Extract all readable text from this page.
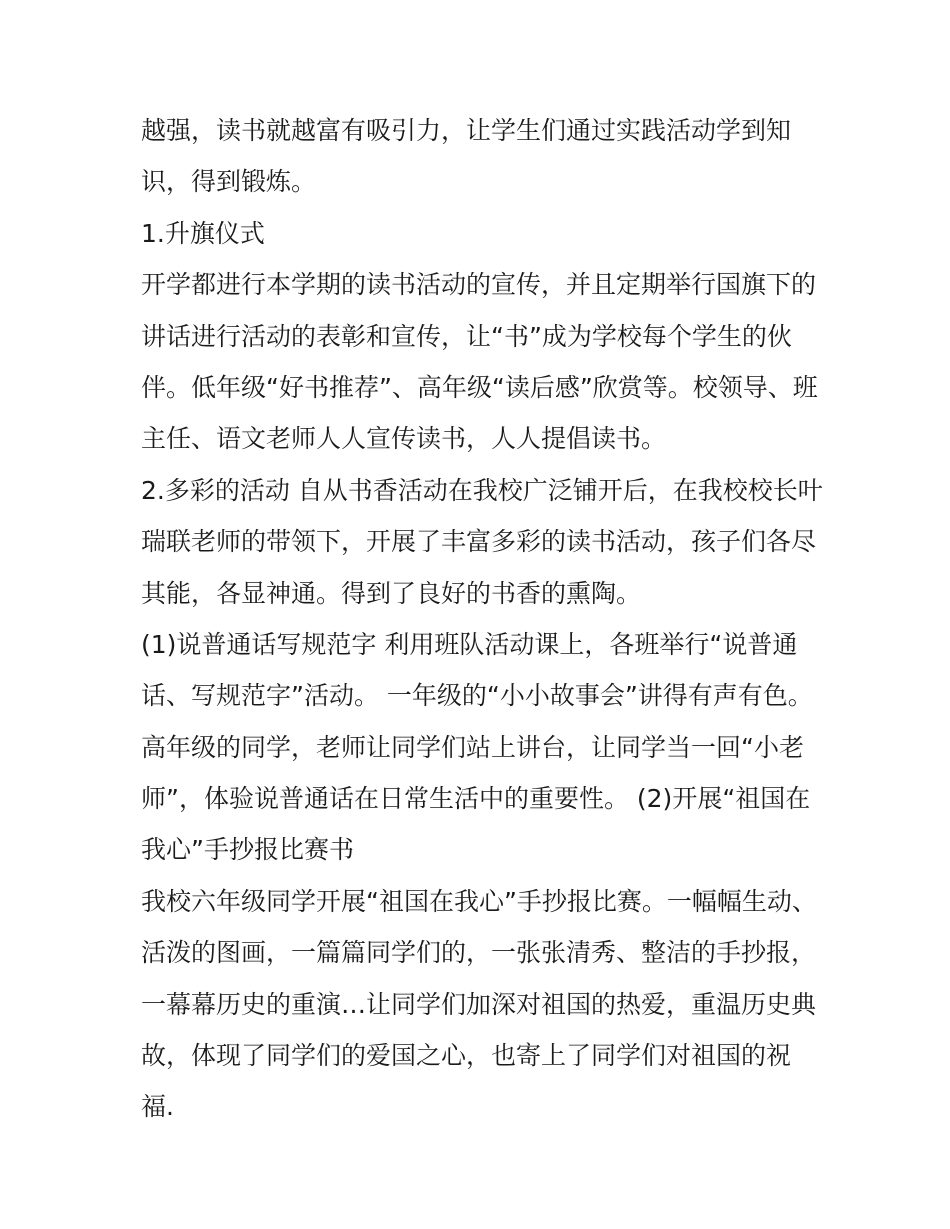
越强，读书就越富有吸引力，让学生们通过实践活动学到知
识，得到锻炼。
1.升旗仪式
开学都进行本学期的读书活动的宣传，并且定期举行国旗下的
讲话进行活动的表彰和宣传，让“书”成为学校每个学生的伙
伴。低年级“好书推荐”、高年级“读后感”欣赏等。校领导、班
主任、语文老师人人宣传读书，人人提倡读书。
2.多彩的活动 自从书香活动在我校广泛铺开后，在我校校长叶
瑞联老师的带领下，开展了丰富多彩的读书活动，孩子们各尽
其能，各显神通。得到了良好的书香的熏陶。
(1)说普通话写规范字 利用班队活动课上，各班举行“说普通
话、写规范字”活动。 一年级的“小小故事会”讲得有声有色。
高年级的同学，老师让同学们站上讲台，让同学当一回“小老
师”，体验说普通话在日常生活中的重要性。 (2)开展“祖国在
我心”手抄报比赛书
我校六年级同学开展“祖国在我心”手抄报比赛。一幅幅生动、
活泼的图画，一篇篇同学们的，一张张清秀、整洁的手抄报，
一幕幕历史的重演…让同学们加深对祖国的热爱，重温历史典
故，体现了同学们的爱国之心，也寄上了同学们对祖国的祝
福.
